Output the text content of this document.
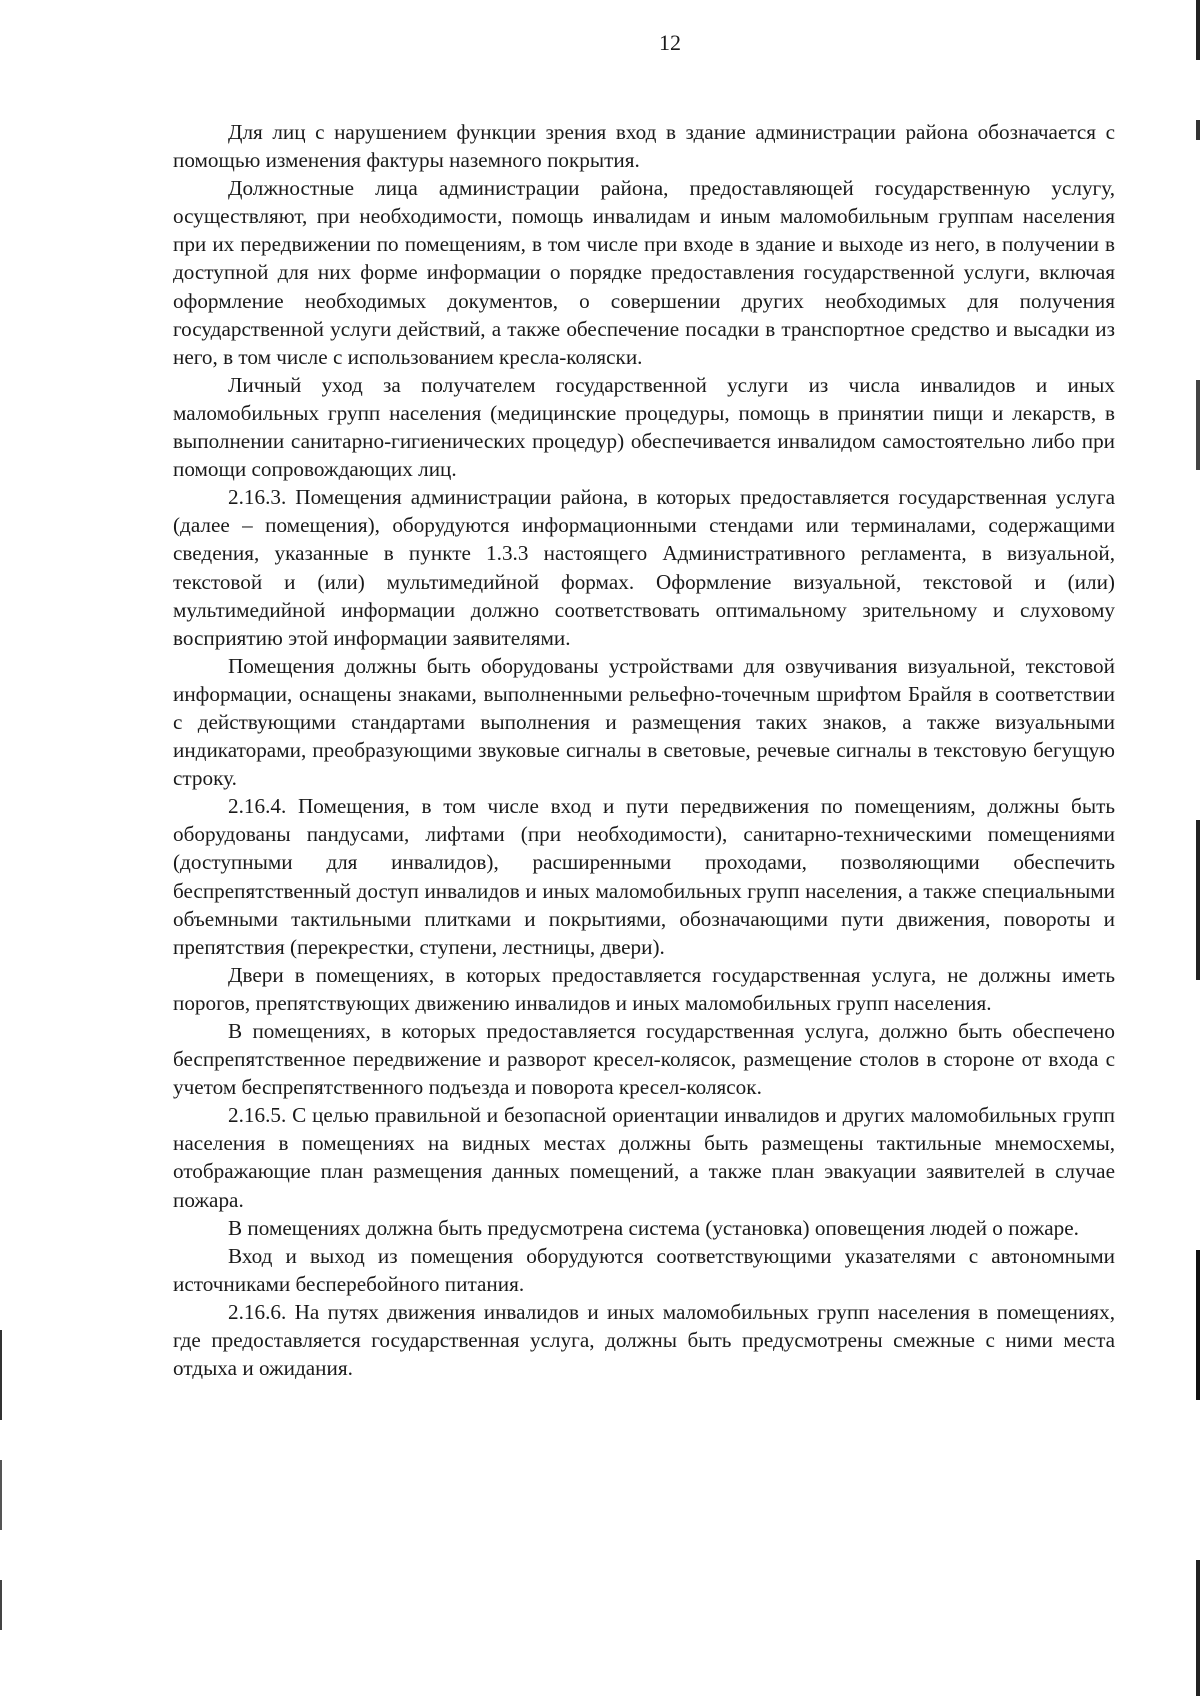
12

Для лиц с нарушением функции зрения вход в здание администрации района обозначается с помощью изменения фактуры наземного покрытия.

Должностные лица администрации района, предоставляющей государственную услугу, осуществляют, при необходимости, помощь инвалидам и иным маломобильным группам населения при их передвижении по помещениям, в том числе при входе в здание и выходе из него, в получении в доступной для них форме информации о порядке предоставления государственной услуги, включая оформление необходимых документов, о совершении других необходимых для получения государственной услуги действий, а также обеспечение посадки в транспортное средство и высадки из него, в том числе с использованием кресла-коляски.

Личный уход за получателем государственной услуги из числа инвалидов и иных маломобильных групп населения (медицинские процедуры, помощь в принятии пищи и лекарств, в выполнении санитарно-гигиенических процедур) обеспечивается инвалидом самостоятельно либо при помощи сопровождающих лиц.

2.16.3. Помещения администрации района, в которых предоставляется государственная услуга (далее – помещения), оборудуются информационными стендами или терминалами, содержащими сведения, указанные в пункте 1.3.3 настоящего Административного регламента, в визуальной, текстовой и (или) мультимедийной формах. Оформление визуальной, текстовой и (или) мультимедийной информации должно соответствовать оптимальному зрительному и слуховому восприятию этой информации заявителями.

Помещения должны быть оборудованы устройствами для озвучивания визуальной, текстовой информации, оснащены знаками, выполненными рельефно-точечным шрифтом Брайля в соответствии с действующими стандартами выполнения и размещения таких знаков, а также визуальными индикаторами, преобразующими звуковые сигналы в световые, речевые сигналы в текстовую бегущую строку.

2.16.4. Помещения, в том числе вход и пути передвижения по помещениям, должны быть оборудованы пандусами, лифтами (при необходимости), санитарно-техническими помещениями (доступными для инвалидов), расширенными проходами, позволяющими обеспечить беспрепятственный доступ инвалидов и иных маломобильных групп населения, а также специальными объемными тактильными плитками и покрытиями, обозначающими пути движения, повороты и препятствия (перекрестки, ступени, лестницы, двери).

Двери в помещениях, в которых предоставляется государственная услуга, не должны иметь порогов, препятствующих движению инвалидов и иных маломобильных групп населения.

В помещениях, в которых предоставляется государственная услуга, должно быть обеспечено беспрепятственное передвижение и разворот кресел-колясок, размещение столов в стороне от входа с учетом беспрепятственного подъезда и поворота кресел-колясок.

2.16.5. С целью правильной и безопасной ориентации инвалидов и других маломобильных групп населения в помещениях на видных местах должны быть размещены тактильные мнемосхемы, отображающие план размещения данных помещений, а также план эвакуации заявителей в случае пожара.

В помещениях должна быть предусмотрена система (установка) оповещения людей о пожаре.

Вход и выход из помещения оборудуются соответствующими указателями с автономными источниками бесперебойного питания.

2.16.6. На путях движения инвалидов и иных маломобильных групп населения в помещениях, где предоставляется государственная услуга, должны быть предусмотрены смежные с ними места отдыха и ожидания.
